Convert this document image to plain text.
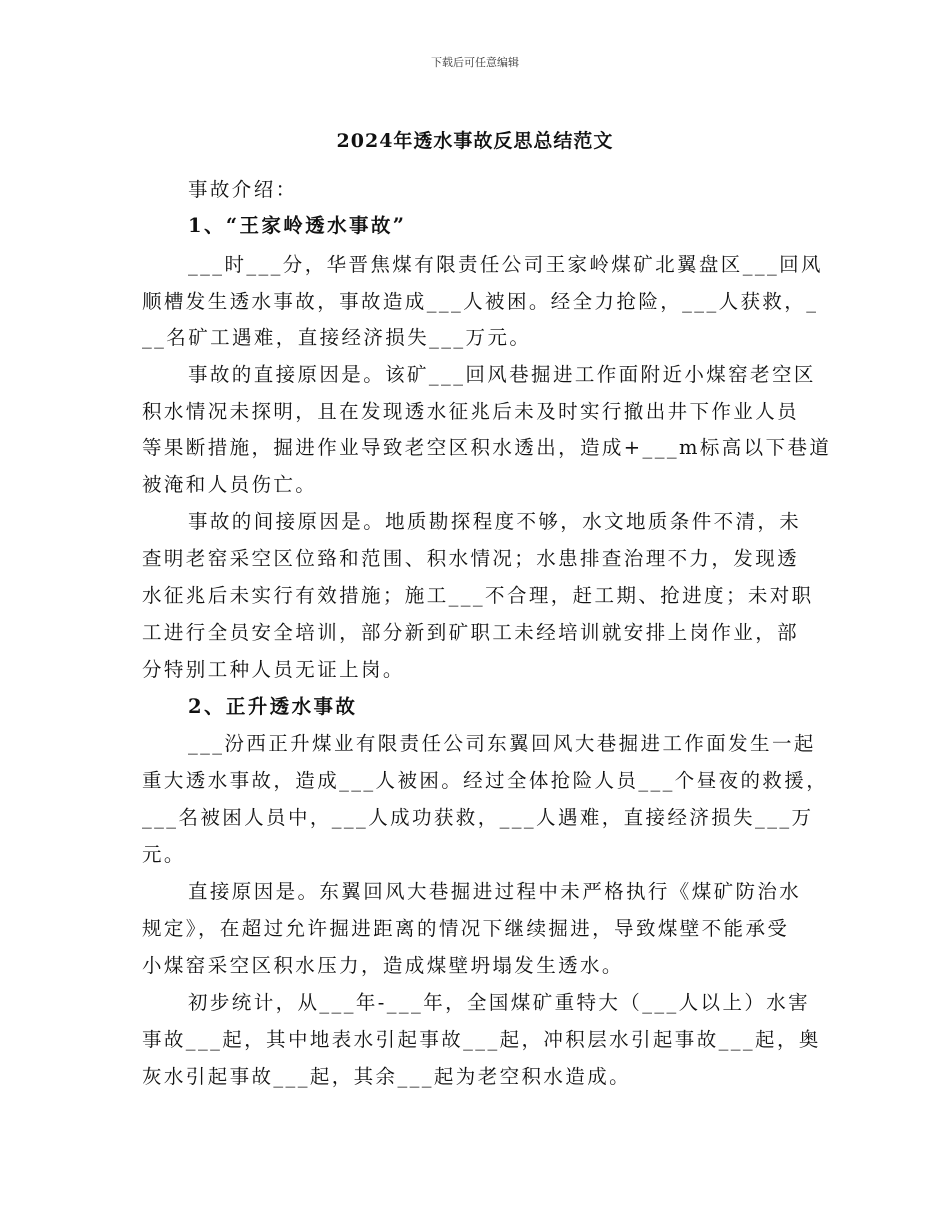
下载后可任意编辑
2024年透水事故反思总结范文
事故介绍：
1、“王家岭透水事故”
___时___分，华晋焦煤有限责任公司王家岭煤矿北翼盘区___回风
顺槽发生透水事故，事故造成___人被困。经全力抢险，___人获救，_
__名矿工遇难，直接经济损失___万元。
事故的直接原因是。该矿___回风巷掘进工作面附近小煤窑老空区
积水情况未探明，且在发现透水征兆后未及时实行撤出井下作业人员
等果断措施，掘进作业导致老空区积水透出，造成+___m标高以下巷道
被淹和人员伤亡。
事故的间接原因是。地质勘探程度不够，水文地质条件不清，未
查明老窑采空区位臵和范围、积水情况；水患排查治理不力，发现透
水征兆后未实行有效措施；施工___不合理，赶工期、抢进度；未对职
工进行全员安全培训，部分新到矿职工未经培训就安排上岗作业，部
分特别工种人员无证上岗。
2、正升透水事故
___汾西正升煤业有限责任公司东翼回风大巷掘进工作面发生一起
重大透水事故，造成___人被困。经过全体抢险人员___个昼夜的救援，
___名被困人员中，___人成功获救，___人遇难，直接经济损失___万
元。
直接原因是。东翼回风大巷掘进过程中未严格执行《煤矿防治水
规定》，在超过允许掘进距离的情况下继续掘进，导致煤壁不能承受
小煤窑采空区积水压力，造成煤壁坍塌发生透水。
初步统计，从___年-___年，全国煤矿重特大（___人以上）水害
事故___起，其中地表水引起事故___起，冲积层水引起事故___起，奥
灰水引起事故___起，其余___起为老空积水造成。
